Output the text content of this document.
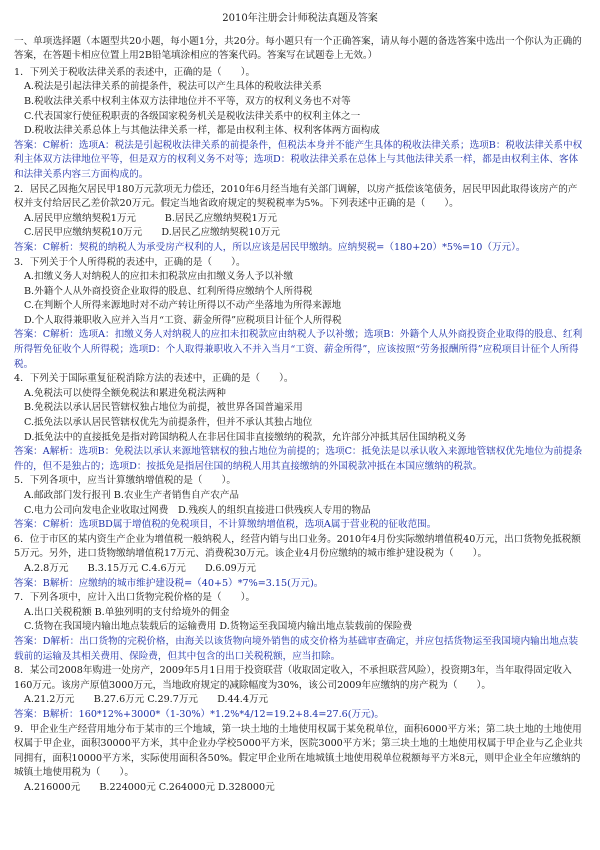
2010年注册会计师税法真题及答案

一、单项选择题（本题型共20小题，每小题1分，共20分。每小题只有一个正确答案，请从每小题的备选答案中选出一个你认为正确的答案，在答题卡相应位置上用2B铅笔填涂相应的答案代码。答案写在试题卷上无效。）

1．下列关于税收法律关系的表述中，正确的是（　　）。

A.税法是引起法律关系的前提条件，税法可以产生具体的税收法律关系

B.税收法律关系中权利主体双方法律地位并不平等，双方的权利义务也不对等

C.代表国家行使征税职责的各级国家税务机关是税收法律关系中的权利主体之一

D.税收法律关系总体上与其他法律关系一样，都是由权利主体、权利客体两方面构成

答案：C解析：选项A：税法是引起税收法律关系的前提条件，但税法本身并不能产生具体的税收法律关系；选项B：税收法律关系中权利主体双方法律地位平等，但是双方的权利义务不对等；选项D：税收法律关系在总体上与其他法律关系一样，都是由权利主体、客体和法律关系内容三方面构成的。

2．居民乙因拖欠居民甲180万元款项无力偿还，2010年6月经当地有关部门调解，以房产抵偿该笔债务，居民甲因此取得该房产的产权并支付给居民乙差价款20万元。假定当地省政府规定的契税税率为5%。下列表述中正确的是（　　）。

A.居民甲应缴纳契税1万元　　　B.居民乙应缴纳契税1万元

C.居民甲应缴纳契税10万元　　D.居民乙应缴纳契税10万元

答案：C解析：契税的纳税人为承受房产权利的人，所以应该是居民甲缴纳。应纳契税=（180+20）*5%=10（万元）。

3．下列关于个人所得税的表述中，正确的是（　　）。

A.扣缴义务人对纳税人的应扣未扣税款应由扣缴义务人予以补缴

B.外籍个人从外商投资企业取得的股息、红利所得应缴纳个人所得税

C.在判断个人所得来源地时对不动产转让所得以不动产坐落地为所得来源地

D.个人取得兼职收入应并入当月“工资、薪金所得”应税项目计征个人所得税

答案：C解析：选项A：扣缴义务人对纳税人的应扣未扣税款应由纳税人予以补缴；选项B：外籍个人从外商投资企业取得的股息、红利所得暂免征收个人所得税；选项D：个人取得兼职收入不并入当月“工资、薪金所得”，应该按照“劳务报酬所得”应税项目计征个人所得税。

4．下列关于国际重复征税消除方法的表述中，正确的是（　　）。

A.免税法可以使得全额免税法和累进免税法两种

B.免税法以承认居民管辖权独占地位为前提，被世界各国普遍采用

C.抵免法以承认居民管辖权优先为前提条件，但并不承认其独占地位

D.抵免法中的直接抵免是指对跨国纳税人在非居住国非直接缴纳的税款，允许部分冲抵其居住国纳税义务

答案：A解析：选项B：免税法以承认来源地管辖权的独占地位为前提的；选项C：抵免法是以承认收入来源地管辖权优先地位为前提条件的，但不是独占的；选项D：按抵免是指居住国的纳税人用其直接缴纳的外国税款冲抵在本国应缴纳的税款。

5．下列各项中，应当计算缴纳增值税的是（　　）。

A.邮政部门发行报刊 B.农业生产者销售自产农产品

C.电力公司向发电企业收取过网费　D.残疾人的组织直接进口供残疾人专用的物品

答案：C解析：选项BD属于增值税的免税项目，不计算缴纳增值税，选项A属于营业税的征收范围。

6．位于市区的某内资生产企业为增值税一般纳税人，经营内销与出口业务。2010年4月份实际缴纳增值税40万元，出口货物免抵税额5万元。另外，进口货物缴纳增值税17万元、消费税30万元。该企业4月份应缴纳的城市维护建设税为（　　）。

A.2.8万元　　B.3.15万元 C.4.6万元　　D.6.09万元

答案：B解析：应缴纳的城市维护建设税=（40+5）*7%=3.15(万元)。

7．下列各项中，应计入出口货物完税价格的是（　　）。

A.出口关税税额 B.单独列明的支付给境外的佣金

C.货物在我国境内输出地点装载后的运输费用 D.货物运至我国境内输出地点装载前的保险费

答案：D解析：出口货物的完税价格，由海关以该货物向境外销售的成交价格为基础审查确定，并应包括货物运至我国境内输出地点装载前的运输及其相关费用、保险费，但其中包含的出口关税税额，应当扣除。

8．某公司2008年购进一处房产，2009年5月1日用于投资联营（收取固定收入，不承担联营风险），投资期3年，当年取得固定收入160万元。该房产原值3000万元，当地政府规定的减除幅度为30%，该公司2009年应缴纳的房产税为（　　）。

A.21.2万元　　B.27.6万元 C.29.7万元　　D.44.4万元

答案：B解析：160*12%+3000*（1-30%）*1.2%*4/12=19.2+8.4=27.6(万元)。

9．甲企业生产经营用地分布于某市的三个地域，第一块土地的土地使用权属于某免税单位，面积6000平方米；第二块土地的土地使用权属于甲企业，面积30000平方米，其中企业办学校5000平方米，医院3000平方米；第三块土地的土地使用权属于甲企业与乙企业共同拥有，面积10000平方米，实际使用面积各50%。假定甲企业所在地城镇土地使用税单位税额每平方米8元，则甲企业全年应缴纳的城镇土地使用税为（　　）。

A.216000元　　B.224000元 C.264000元 D.328000元
